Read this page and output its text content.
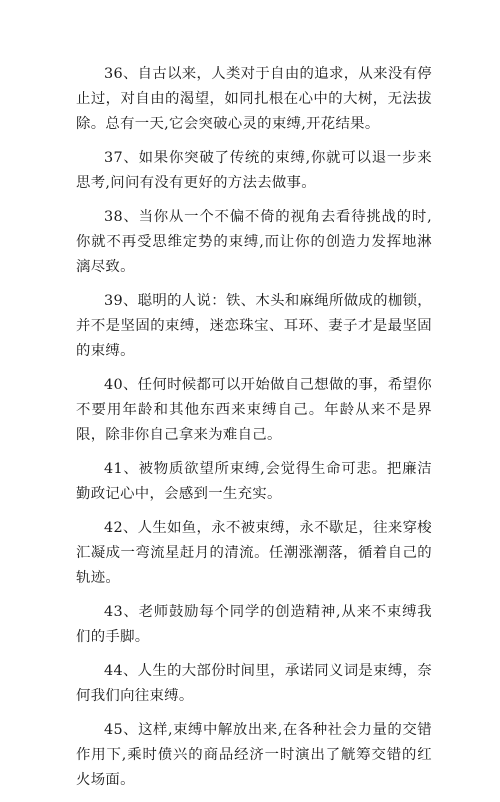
36、自古以来，人类对于自由的追求，从来没有停止过，对自由的渴望，如同扎根在心中的大树，无法拔除。总有一天,它会突破心灵的束缚,开花结果。

37、如果你突破了传统的束缚,你就可以退一步来思考,问问有没有更好的方法去做事。

38、当你从一个不偏不倚的视角去看待挑战的时,你就不再受思维定势的束缚,而让你的创造力发挥地淋漓尽致。

39、聪明的人说：铁、木头和麻绳所做成的枷锁，并不是坚固的束缚，迷恋珠宝、耳环、妻子才是最坚固的束缚。

40、任何时候都可以开始做自己想做的事，希望你不要用年龄和其他东西来束缚自己。年龄从来不是界限，除非你自己拿来为难自己。

41、被物质欲望所束缚,会觉得生命可悲。把廉洁勤政记心中，会感到一生充实。

42、人生如鱼，永不被束缚，永不歇足，往来穿梭汇凝成一弯流星赶月的清流。任潮涨潮落，循着自己的轨迹。

43、老师鼓励每个同学的创造精神,从来不束缚我们的手脚。

44、人生的大部份时间里，承诺同义词是束缚，奈何我们向往束缚。

45、这样,束缚中解放出来,在各种社会力量的交错作用下,乘时偾兴的商品经济一时演出了觥筹交错的红火场面。
